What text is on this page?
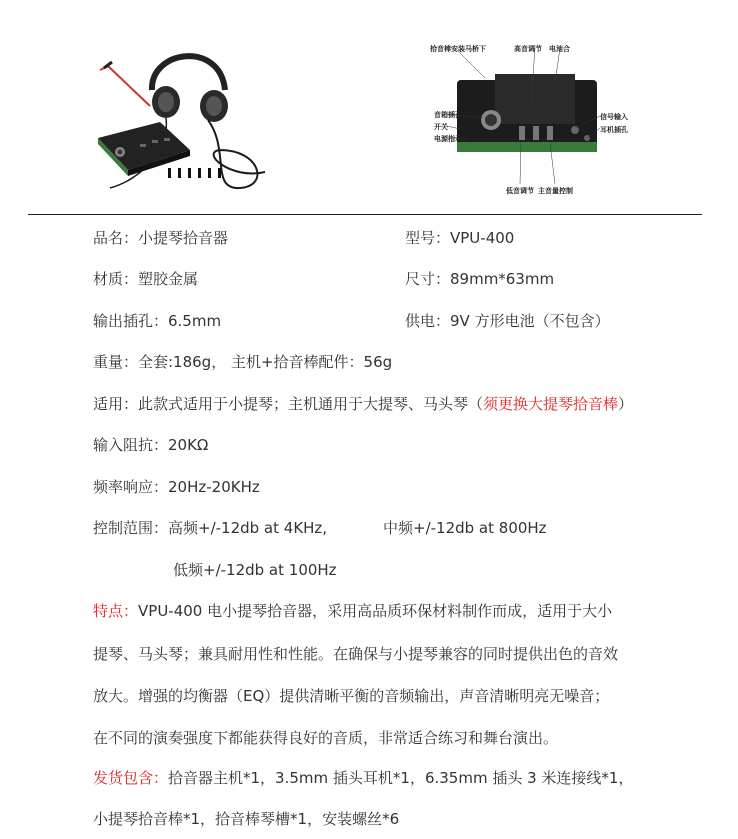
拾音棒安装马桥下	高音调节 电池合
音箱插孔
开关
电源指示灯
信号输入
耳机插孔
低音调节 主音量控制
品名：小提琴拾音器	型号：VPU-400
材质：塑胶金属	尺寸：89mm*63mm
输出插孔：6.5mm	供电：9V 方形电池（不包含）
重量：全套:186g， 主机+拾音棒配件：56g
适用：此款式适用于小提琴；主机通用于大提琴、马头琴（须更换大提琴拾音棒）
输入阻抗：20KΩ
频率响应：20Hz-20KHz
控制范围：高频+/-12db at 4KHz,	中频+/-12db at 800Hz
低频+/-12db at 100Hz
特点：VPU-400 电小提琴拾音器，采用高品质环保材料制作而成，适用于大小
提琴、马头琴；兼具耐用性和性能。在确保与小提琴兼容的同时提供出色的音效
放大。增强的均衡器（EQ）提供清晰平衡的音频输出，声音清晰明亮无噪音；
在不同的演奏强度下都能获得良好的音质，非常适合练习和舞台演出。
发货包含：拾音器主机*1，3.5mm 插头耳机*1，6.35mm 插头 3 米连接线*1，
小提琴拾音棒*1，拾音棒琴槽*1，安装螺丝*6
